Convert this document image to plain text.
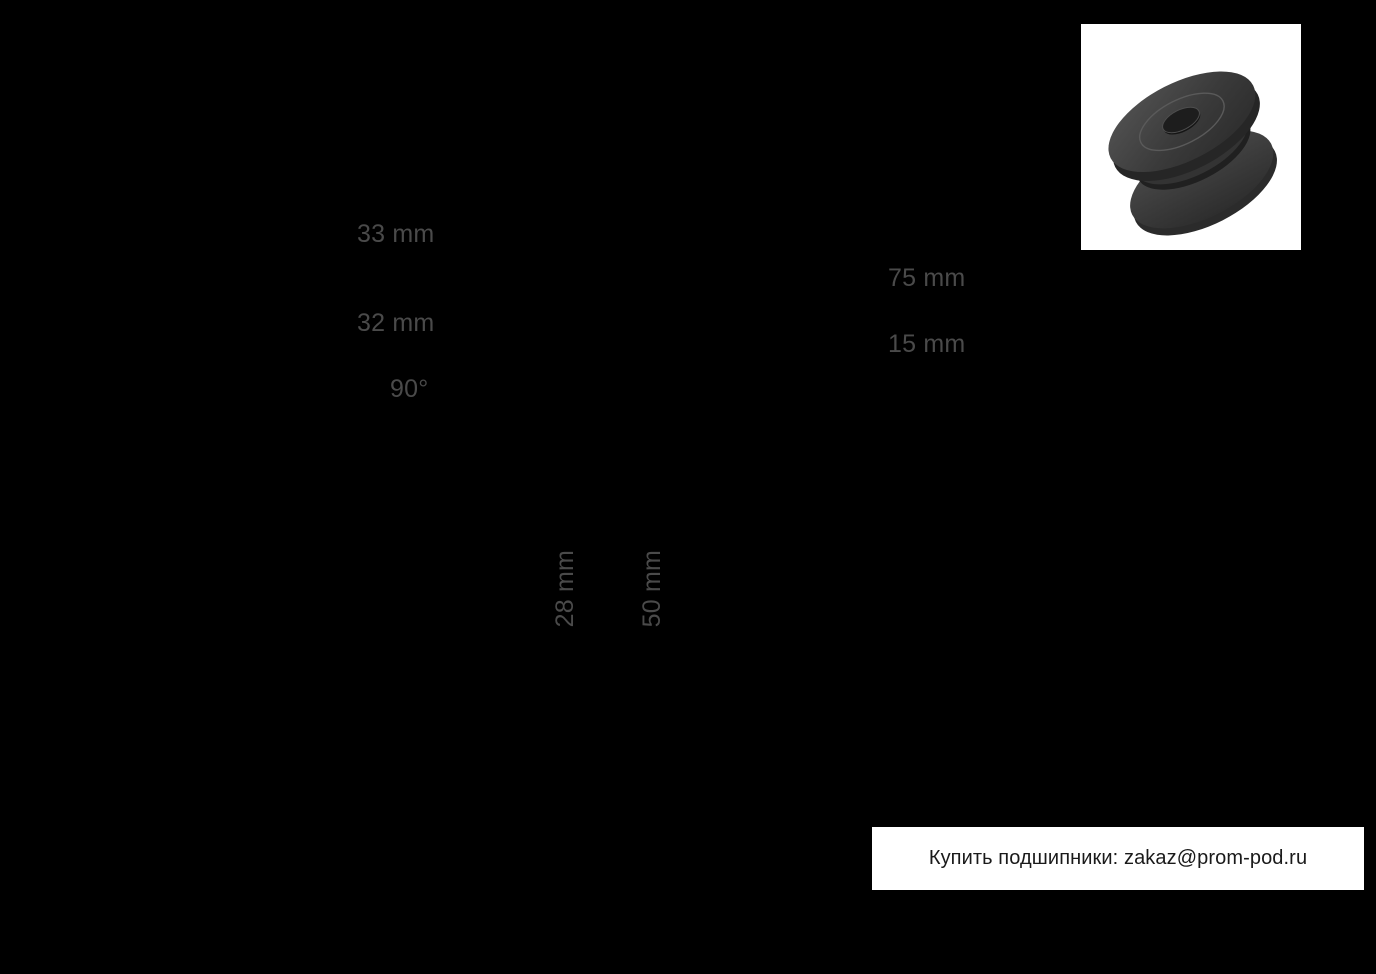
33 mm
32 mm
90°
75 mm
15 mm
28 mm 50 mm
Купить подшипники: zakaz@prom-pod.ru
